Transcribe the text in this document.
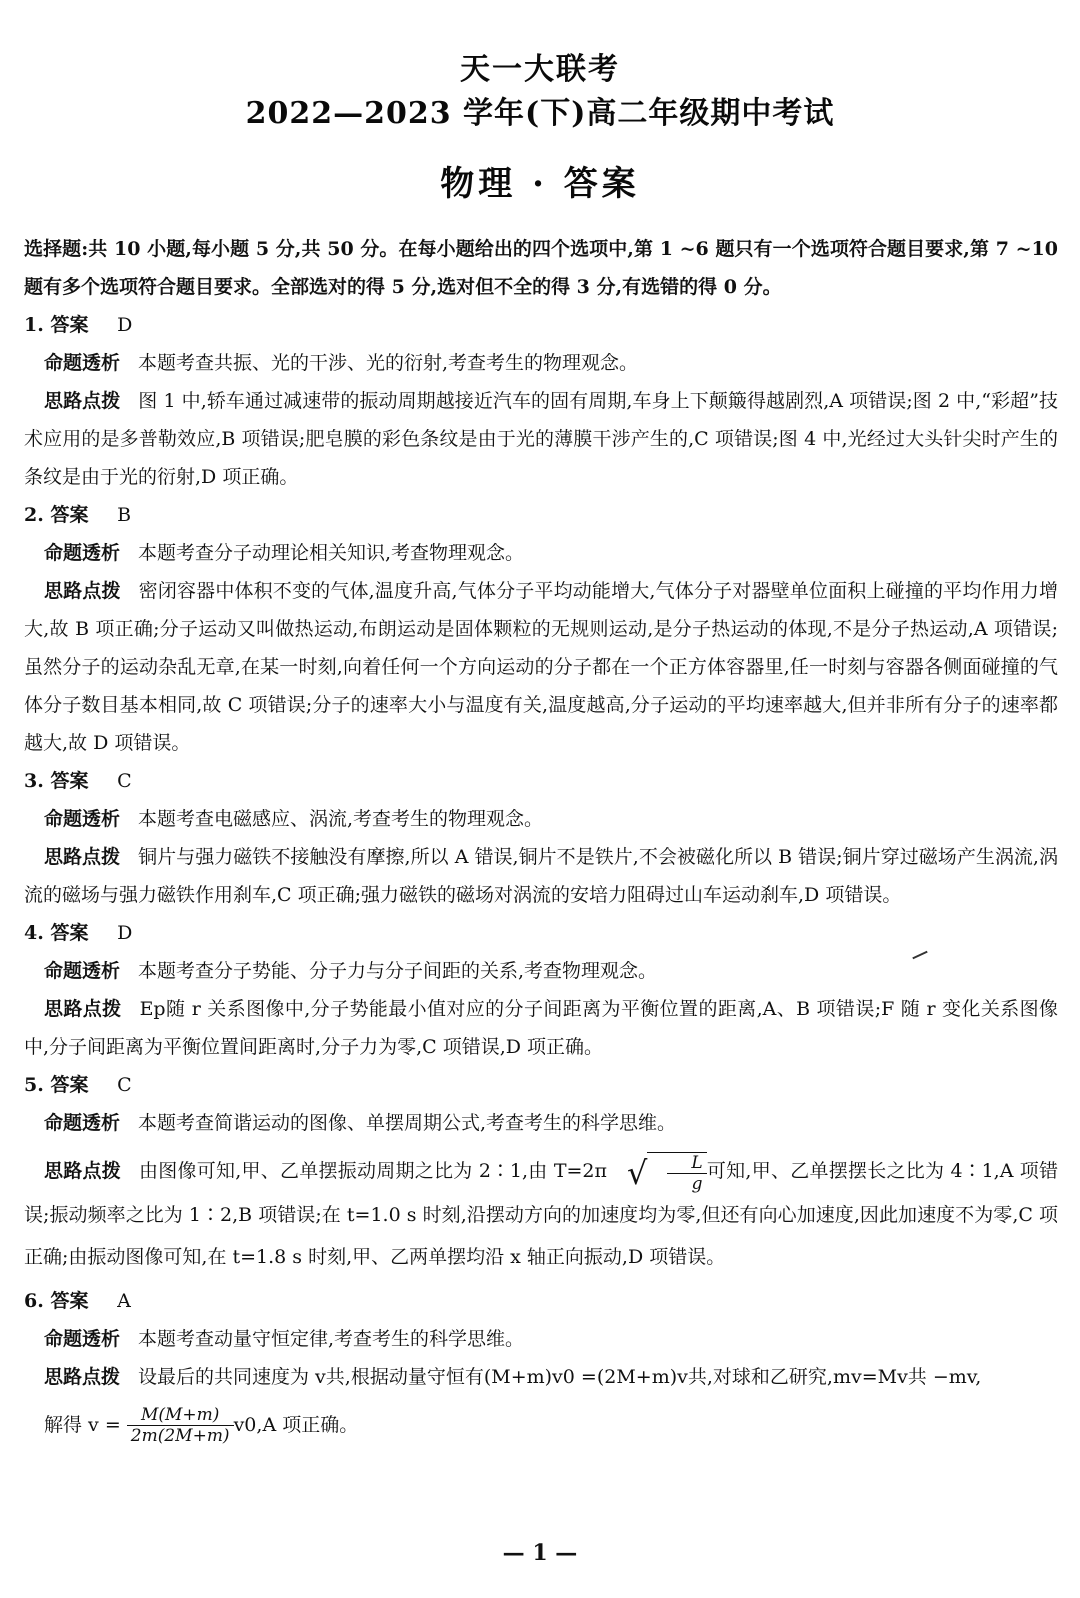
天一大联考
2022—2023 学年(下)高二年级期中考试
物理 · 答案

选择题:共 10 小题,每小题 5 分,共 50 分。在每小题给出的四个选项中,第 1 ~6 题只有一个选项符合题目要求,第 7 ~10 题有多个选项符合题目要求。全部选对的得 5 分,选对但不全的得 3 分,有选错的得 0 分。

1. 答案 D

命题透析 本题考查共振、光的干涉、光的衍射,考查考生的物理观念。

思路点拨 图 1 中,轿车通过减速带的振动周期越接近汽车的固有周期,车身上下颠簸得越剧烈,A 项错误;图 2 中,“彩超”技术应用的是多普勒效应,B 项错误;肥皂膜的彩色条纹是由于光的薄膜干涉产生的,C 项错误;图 4 中,光经过大头针尖时产生的条纹是由于光的衍射,D 项正确。

2. 答案 B

命题透析 本题考查分子动理论相关知识,考查物理观念。

思路点拨 密闭容器中体积不变的气体,温度升高,气体分子平均动能增大,气体分子对器壁单位面积上碰撞的平均作用力增大,故 B 项正确;分子运动又叫做热运动,布朗运动是固体颗粒的无规则运动,是分子热运动的体现,不是分子热运动,A 项错误;虽然分子的运动杂乱无章,在某一时刻,向着任何一个方向运动的分子都在一个正方体容器里,任一时刻与容器各侧面碰撞的气体分子数目基本相同,故 C 项错误;分子的速率大小与温度有关,温度越高,分子运动的平均速率越大,但并非所有分子的速率都越大,故 D 项错误。

3. 答案 C

命题透析 本题考查电磁感应、涡流,考查考生的物理观念。

思路点拨 铜片与强力磁铁不接触没有摩擦,所以 A 错误,铜片不是铁片,不会被磁化所以 B 错误;铜片穿过磁场产生涡流,涡流的磁场与强力磁铁作用刹车,C 项正确;强力磁铁的磁场对涡流的安培力阻碍过山车运动刹车,D 项错误。

4. 答案 D

命题透析 本题考查分子势能、分子力与分子间距的关系,考查物理观念。

思路点拨 Ep随 r 关系图像中,分子势能最小值对应的分子间距离为平衡位置的距离,A、B 项错误;F 随 r 变化关系图像中,分子间距离为平衡位置间距离时,分子力为零,C 项错误,D 项正确。

5. 答案 C

命题透析 本题考查简谐运动的图像、单摆周期公式,考查考生的科学思维。

思路点拨 由图像可知,甲、乙单摆振动周期之比为 2∶1,由 T=2π √ $\frac{L}{g}$ 可知,甲、乙单摆摆长之比为 4∶1,A 项错误;振动频率之比为 1∶2,B 项错误;在 t=1.0 s 时刻,沿摆动方向的加速度均为零,但还有向心加速度,因此加速度不为零,C 项正确;由振动图像可知,在 t=1.8 s 时刻,甲、乙两单摆均沿 x 轴正向振动,D 项错误。

6. 答案 A

命题透析 本题考查动量守恒定律,考查考生的科学思维。

思路点拨 设最后的共同速度为 v共,根据动量守恒有(M+m)v0 =(2M+m)v共,对球和乙研究,mv=Mv共 −mv,

解得 $v = \frac{M(M+m)}{2m(2M+m)} v0,A$ 项正确。

— 1 —
